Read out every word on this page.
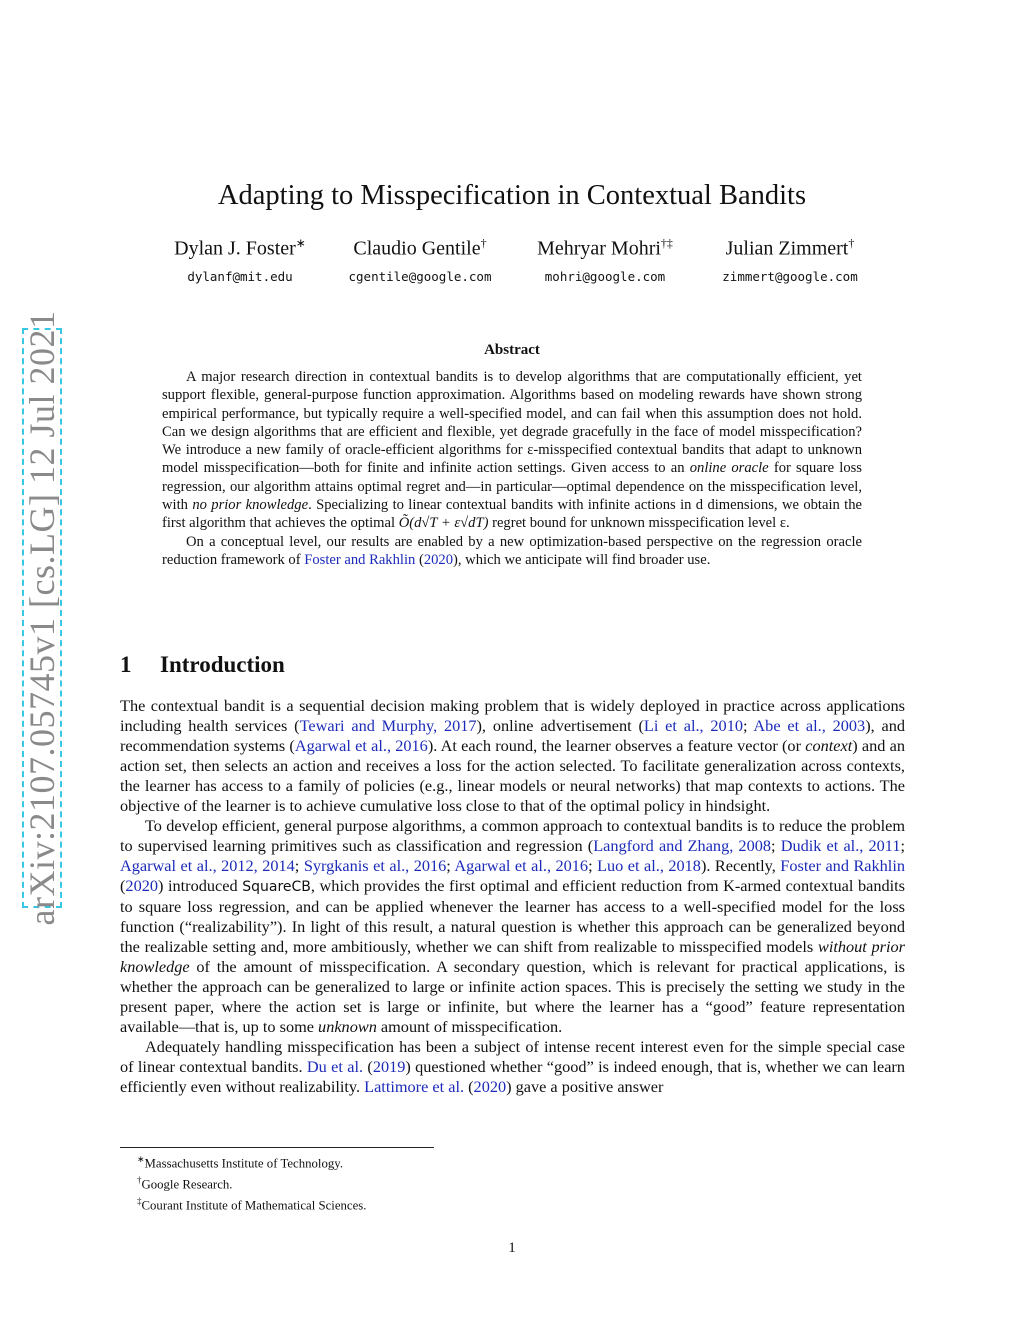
arXiv:2107.05745v1 [cs.LG] 12 Jul 2021
Adapting to Misspecification in Contextual Bandits
Dylan J. Foster∗
dylanf@mit.edu
Claudio Gentile†
cgentile@google.com
Mehryar Mohri†‡
mohri@google.com
Julian Zimmert†
zimmert@google.com
Abstract

A major research direction in contextual bandits is to develop algorithms that are computationally efficient, yet support flexible, general-purpose function approximation. Algorithms based on modeling rewards have shown strong empirical performance, but typically require a well-specified model, and can fail when this assumption does not hold. Can we design algorithms that are efficient and flexible, yet degrade gracefully in the face of model misspecification? We introduce a new family of oracle-efficient algorithms for ε-misspecified contextual bandits that adapt to unknown model misspecification—both for finite and infinite action settings. Given access to an online oracle for square loss regression, our algorithm attains optimal regret and—in particular—optimal dependence on the misspecification level, with no prior knowledge. Specializing to linear contextual bandits with infinite actions in d dimensions, we obtain the first algorithm that achieves the optimal Õ(d√T + ε√dT) regret bound for unknown misspecification level ε.

On a conceptual level, our results are enabled by a new optimization-based perspective on the regression oracle reduction framework of Foster and Rakhlin (2020), which we anticipate will find broader use.

1 Introduction

The contextual bandit is a sequential decision making problem that is widely deployed in practice across applications including health services (Tewari and Murphy, 2017), online advertisement (Li et al., 2010; Abe et al., 2003), and recommendation systems (Agarwal et al., 2016). At each round, the learner observes a feature vector (or context) and an action set, then selects an action and receives a loss for the action selected. To facilitate generalization across contexts, the learner has access to a family of policies (e.g., linear models or neural networks) that map contexts to actions. The objective of the learner is to achieve cumulative loss close to that of the optimal policy in hindsight.

To develop efficient, general purpose algorithms, a common approach to contextual bandits is to reduce the problem to supervised learning primitives such as classification and regression (Langford and Zhang, 2008; Dudik et al., 2011; Agarwal et al., 2012, 2014; Syrgkanis et al., 2016; Agarwal et al., 2016; Luo et al., 2018). Recently, Foster and Rakhlin (2020) introduced SquareCB, which provides the first optimal and efficient reduction from K-armed contextual bandits to square loss regression, and can be applied whenever the learner has access to a well-specified model for the loss function (“realizability”). In light of this result, a natural question is whether this approach can be generalized beyond the realizable setting and, more ambitiously, whether we can shift from realizable to misspecified models without prior knowledge of the amount of misspecification. A secondary question, which is relevant for practical applications, is whether the approach can be generalized to large or infinite action spaces. This is precisely the setting we study in the present paper, where the action set is large or infinite, but where the learner has a “good” feature representation available—that is, up to some unknown amount of misspecification.

Adequately handling misspecification has been a subject of intense recent interest even for the simple special case of linear contextual bandits. Du et al. (2019) questioned whether “good” is indeed enough, that is, whether we can learn efficiently even without realizability. Lattimore et al. (2020) gave a positive answer

∗Massachusetts Institute of Technology.
†Google Research.
‡Courant Institute of Mathematical Sciences.
1
